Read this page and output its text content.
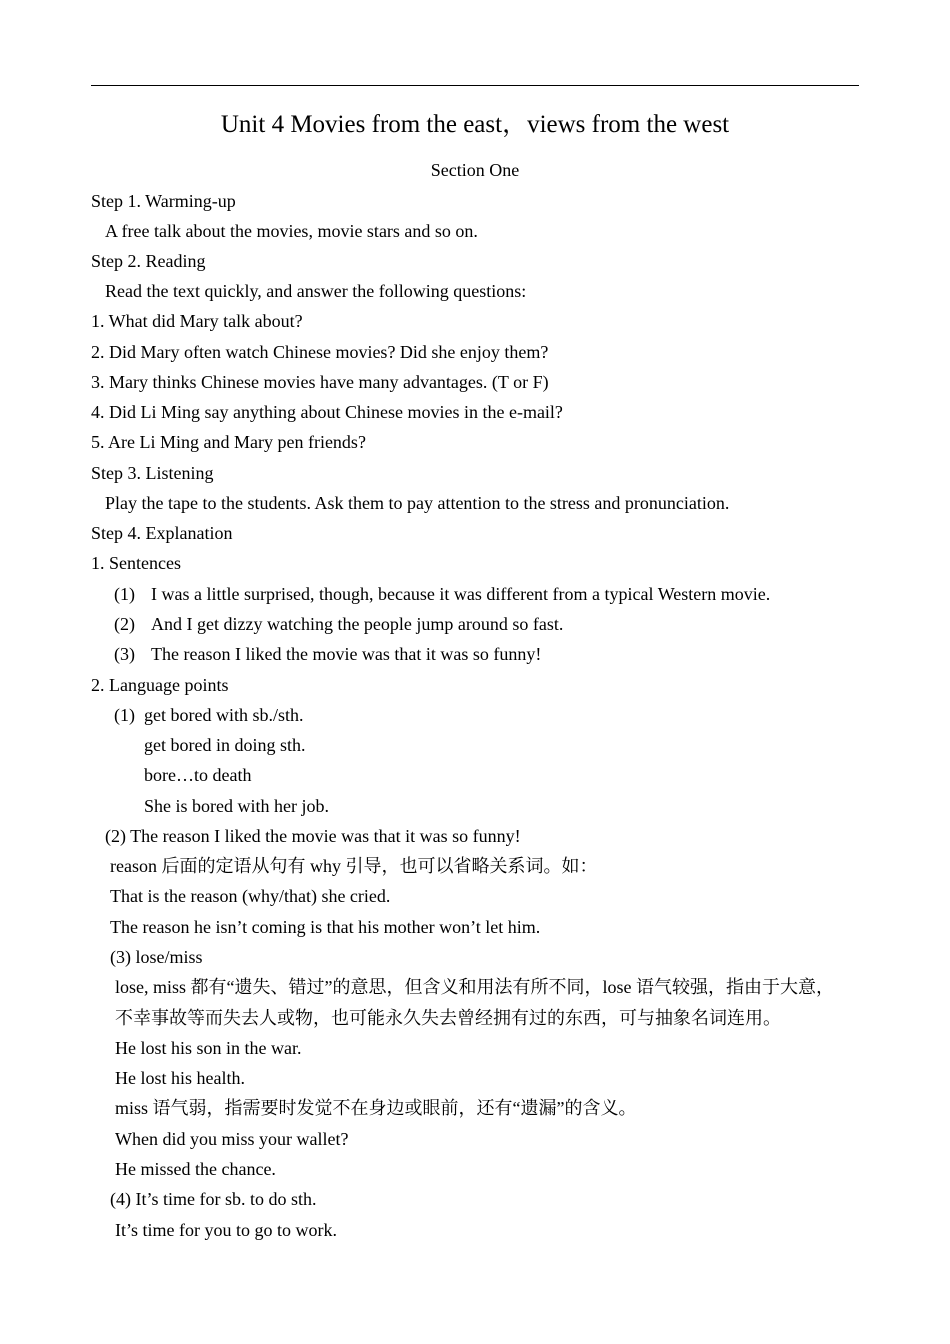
Unit 4 Movies from the east，views from the west
Section One
Step 1. Warming-up
A free talk about the movies, movie stars and so on.
Step 2. Reading
Read the text quickly, and answer the following questions:
1. What did Mary talk about?
2. Did Mary often watch Chinese movies? Did she enjoy them?
3. Mary thinks Chinese movies have many advantages. (T or F)
4. Did Li Ming say anything about Chinese movies in the e-mail?
5. Are Li Ming and Mary pen friends?
Step 3. Listening
Play the tape to the students. Ask them to pay attention to the stress and pronunciation.
Step 4. Explanation
1. Sentences
(1) I was a little surprised, though, because it was different from a typical Western movie.
(2) And I get dizzy watching the people jump around so fast.
(3) The reason I liked the movie was that it was so funny!
2. Language points
(1) get bored with sb./sth.
get bored in doing sth.
bore…to death
She is bored with her job.
(2) The reason I liked the movie was that it was so funny!
reason 后面的定语从句有 why 引导，也可以省略关系词。如：
That is the reason (why/that) she cried.
The reason he isn’t coming is that his mother won’t let him.
(3) lose/miss
lose, miss 都有“遗失、错过”的意思，但含义和用法有所不同，lose 语气较强，指由于大意，
不幸事故等而失去人或物，也可能永久失去曾经拥有过的东西，可与抽象名词连用。
He lost his son in the war.
He lost his health.
miss 语气弱，指需要时发觉不在身边或眼前，还有“遗漏”的含义。
When did you miss your wallet?
He missed the chance.
(4) It’s time for sb. to do sth.
It’s time for you to go to work.
